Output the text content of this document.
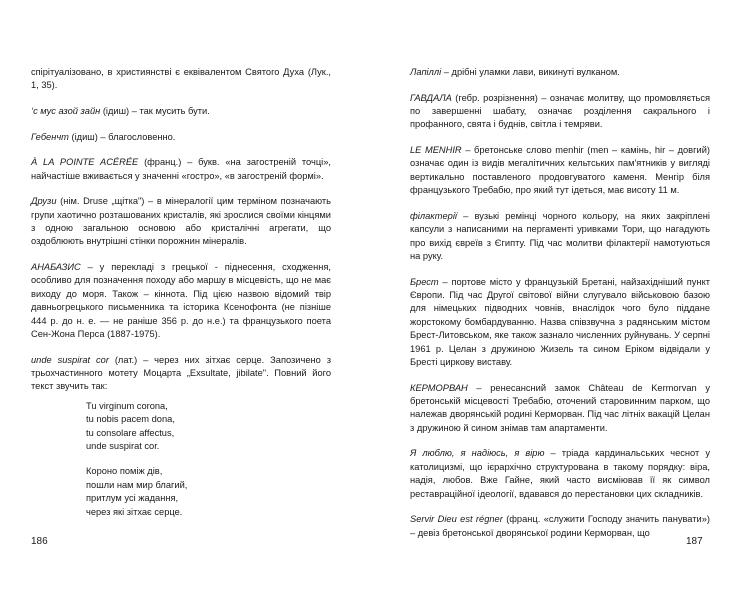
спірітуалізовано, в християнстві є еквівалентом Святого Духа (Лук., 1, 35).

ʻс мус азой зайн (ідиш) – так мусить бути.

Гебенчт (ідиш) – благословенно.

À LA POINTE ACÉRÉE (франц.) – букв. «на загостреній точці», найчастіше вживається у значенні «гостро», «в загостреній формі».

Друзи (нім. Druse „щітка") – в мінералогії цим терміном позначають групи хаотично розташованих кристалів, які зрослися своїми кінцями з одною загальною основою або кристалічні агрегати, що оздоблюють внутрішні стінки порожнин мінералів.

АНАБАЗИС – у перекладі з грецької - піднесення, сходження, особливо для позначення походу або маршу в місцевість, що не має виходу до моря. Також – кіннота. Під цією назвою відомий твір давньогрецького письменника та історика Ксенофонта (не пізніше 444 р. до н. е. — не раніше 356 р. до н.е.) та французького поета Сен-Жона Перса (1887-1975).

unde suspirat cor (лат.) – через них зітхає серце. Запозичено з трьохчастинного мотету Моцарта „Exsultate, jibilate". Повний його текст звучить так:

Tu virginum corona,
tu nobis pacem dona,
tu consolare affectus,
unde suspirat cor.
Короно поміж дів,
пошли нам мир благий,
притлум усі жадання,
через які зітхає серце.

Лапіллі – дрібні уламки лави, викинуті вулканом.

ГАВДАЛА (гебр. розрізнення) – означає молитву, що промовляється по завершенні шабату, означає розділення сакрального і профанного, свята і буднів, світла і темряви.

LE MENHIR – бретонське слово menhir (men – камінь, hir – довгий) означає один із видів мегалітичних кельтських пам'ятників у вигляді вертикально поставленого продовгуватого каменя. Менгір біля французького Требабю, про який тут ідеться, має висоту 11 м.

філактерії – вузькі ремінці чорного кольору, на яких закріплені капсули з написаними на пергаменті уривками Тори, що нагадують про вихід євреїв з Єгипту. Під час молитви філактерії намотуються на руку.

Брест – портове місто у французькій Бретані, найзахідніший пункт Європи. Під час Другої світової війни слугувало військовою базою для німецьких підводних човнів, внаслідок чого було піддане жорстокому бомбардуванню. Назва співзвучна з радянським містом Брест-Литовськом, яке також зазнало численних руйнувань. У серпні 1961 р. Целан з дружиною Жизель та сином Еріком відвідали у Бресті циркову виставу.

КЕРМОРВАН – ренесансний замок Château de Kermorvan у бретонській місцевості Требабю, оточений старовинним парком, що належав дворянській родині Керморван. Під час літніх вакацій Целан з дружиною й сином знімав там апартаменти.

Я люблю, я надіюсь, я вірю – тріада кардинальських чеснот у католицизмі, що ієрархічно структурована в такому порядку: віра, надія, любов. Вже Гайне, який часто висміював її як символ реставраційної ідеології, вдавався до перестановки цих складників.

Servir Dieu est régner (франц. «служити Господу значить панувати») – девіз бретонської дворянської родини Керморван, що

186	187
